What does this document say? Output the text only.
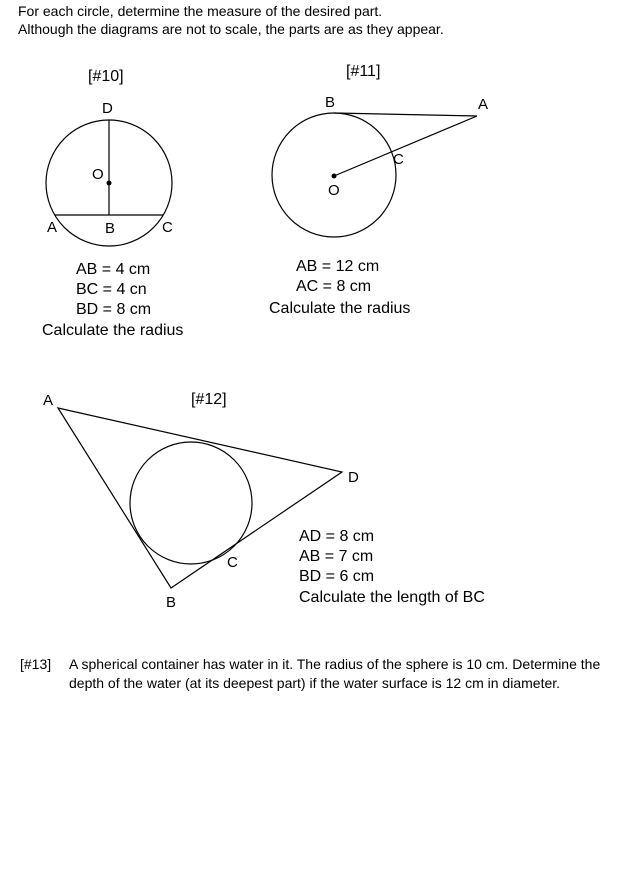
For each circle, determine the measure of the desired part.
Although the diagrams are not to scale, the parts are as they appear.
[#10]
D
O
A	B	C
AB = 4 cm
BC = 4 cn
BD = 8 cm
Calculate the radius
[#11]
B	A
C
O
AB = 12 cm
AC = 8 cm
Calculate the radius
[#12]
A
D
C
B
AD = 8 cm
AB = 7 cm
BD = 6 cm
Calculate the length of BC
[#13] A spherical container has water in it. The radius of the sphere is 10 cm. Determine the depth of the water (at its deepest part) if the water surface is 12 cm in diameter.
